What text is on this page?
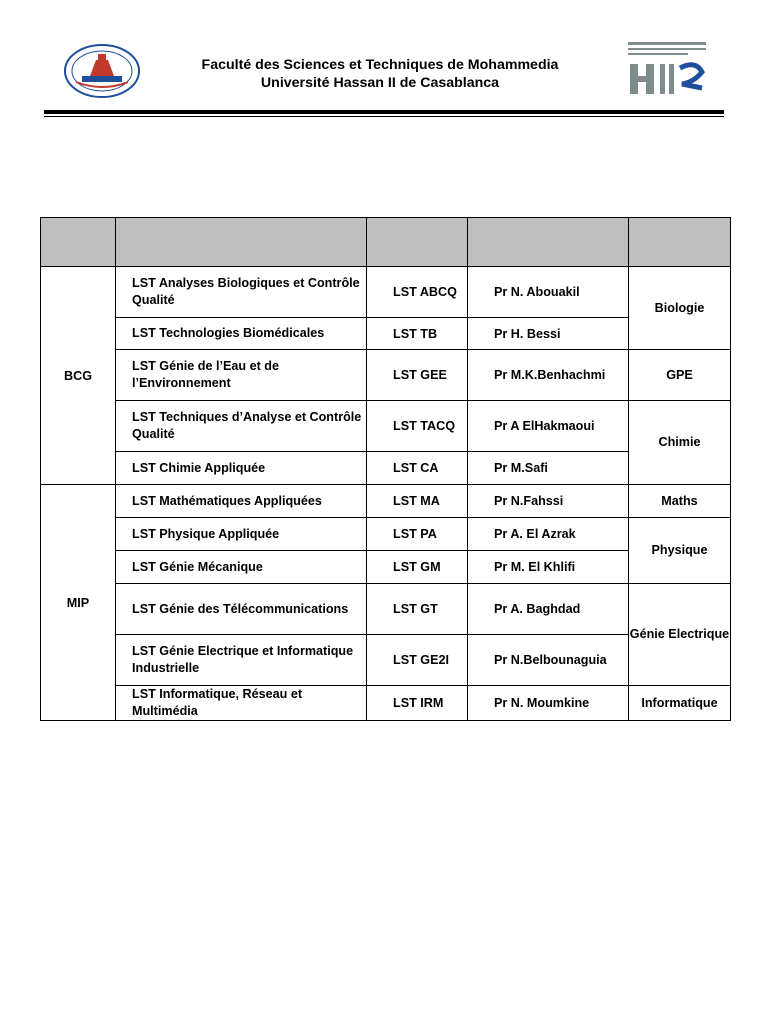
Faculté des Sciences et Techniques de Mohammedia
Université Hassan II de Casablanca

BCG	LST Analyses Biologiques et Contrôle Qualité	LST ABCQ	Pr N. Abouakil	Biologie
	LST Technologies Biomédicales	LST TB	Pr H. Bessi	
	LST Génie de l’Eau et de l’Environnement	LST GEE	Pr M.K.Benhachmi	GPE
	LST Techniques d’Analyse et Contrôle Qualité	LST TACQ	Pr A ElHakmaoui	Chimie
	LST Chimie Appliquée	LST CA	Pr M.Safi	
MIP	LST Mathématiques Appliquées	LST MA	Pr N.Fahssi	Maths
	LST Physique Appliquée	LST PA	Pr A. El Azrak	Physique
	LST Génie Mécanique	LST GM	Pr M. El Khlifi	
	LST Génie des Télécommunications	LST GT	Pr A. Baghdad	Génie Electrique
	LST Génie Electrique et Informatique Industrielle	LST GE2I	Pr N.Belbounaguia	
	LST Informatique, Réseau et Multimédia	LST IRM	Pr N. Moumkine	Informatique
